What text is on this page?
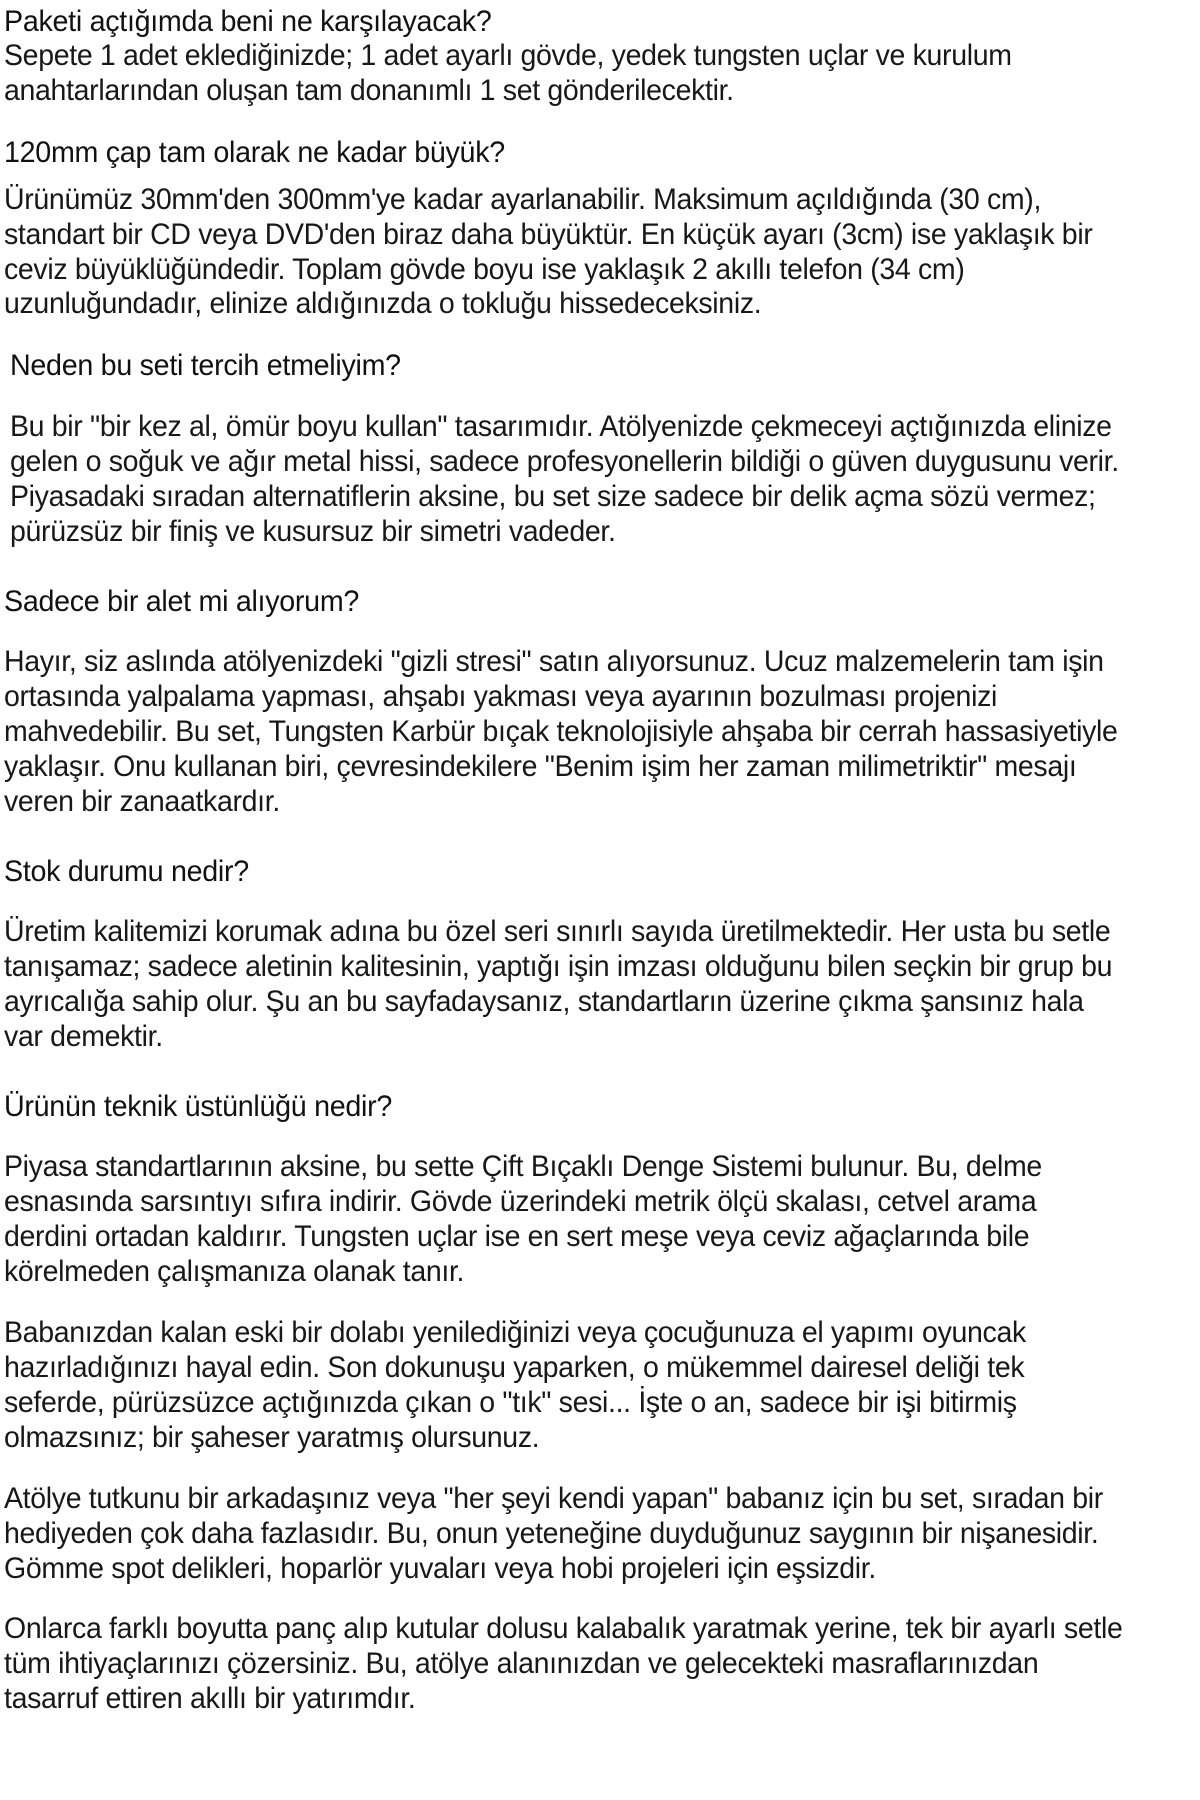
Paketi açtığımda beni ne karşılayacak?

Sepete 1 adet eklediğinizde; 1 adet ayarlı gövde, yedek tungsten uçlar ve kurulum anahtarlarından oluşan tam donanımlı 1 set gönderilecektir.

120mm çap tam olarak ne kadar büyük?

Ürünümüz 30mm'den 300mm'ye kadar ayarlanabilir. Maksimum açıldığında (30 cm), standart bir CD veya DVD'den biraz daha büyüktür. En küçük ayarı (3cm) ise yaklaşık bir ceviz büyüklüğündedir. Toplam gövde boyu ise yaklaşık 2 akıllı telefon (34 cm) uzunluğundadır, elinize aldığınızda o tokluğu hissedeceksiniz.

Neden bu seti tercih etmeliyim?

Bu bir "bir kez al, ömür boyu kullan" tasarımıdır. Atölyenizde çekmeceyi açtığınızda elinize gelen o soğuk ve ağır metal hissi, sadece profesyonellerin bildiği o güven duygusunu verir. Piyasadaki sıradan alternatiflerin aksine, bu set size sadece bir delik açma sözü vermez; pürüzsüz bir finiş ve kusursuz bir simetri vadeder.

Sadece bir alet mi alıyorum?

Hayır, siz aslında atölyenizdeki "gizli stresi" satın alıyorsunuz. Ucuz malzemelerin tam işin ortasında yalpalama yapması, ahşabı yakması veya ayarının bozulması projenizi mahvedebilir. Bu set, Tungsten Karbür bıçak teknolojisiyle ahşaba bir cerrah hassasiyetiyle yaklaşır. Onu kullanan biri, çevresindekilere "Benim işim her zaman milimetriktir" mesajı veren bir zanaatkardır.

Stok durumu nedir?

Üretim kalitemizi korumak adına bu özel seri sınırlı sayıda üretilmektedir. Her usta bu setle tanışamaz; sadece aletinin kalitesinin, yaptığı işin imzası olduğunu bilen seçkin bir grup bu ayrıcalığa sahip olur. Şu an bu sayfadaysanız, standartların üzerine çıkma şansınız hala var demektir.

Ürünün teknik üstünlüğü nedir?

Piyasa standartlarının aksine, bu sette Çift Bıçaklı Denge Sistemi bulunur. Bu, delme esnasında sarsıntıyı sıfıra indirir. Gövde üzerindeki metrik ölçü skalası, cetvel arama derdini ortadan kaldırır. Tungsten uçlar ise en sert meşe veya ceviz ağaçlarında bile körelmeden çalışmanıza olanak tanır.

Babanızdan kalan eski bir dolabı yenilediğinizi veya çocuğunuza el yapımı oyuncak hazırladığınızı hayal edin. Son dokunuşu yaparken, o mükemmel dairesel deliği tek seferde, pürüzsüzce açtığınızda çıkan o "tık" sesi... İşte o an, sadece bir işi bitirmiş olmazsınız; bir şaheser yaratmış olursunuz.

Atölye tutkunu bir arkadaşınız veya "her şeyi kendi yapan" babanız için bu set, sıradan bir hediyeden çok daha fazlasıdır. Bu, onun yeteneğine duyduğunuz saygının bir nişanesidir. Gömme spot delikleri, hoparlör yuvaları veya hobi projeleri için eşsizdir.

Onlarca farklı boyutta panç alıp kutular dolusu kalabalık yaratmak yerine, tek bir ayarlı setle tüm ihtiyaçlarınızı çözersiniz. Bu, atölye alanınızdan ve gelecekteki masraflarınızdan tasarruf ettiren akıllı bir yatırımdır.
